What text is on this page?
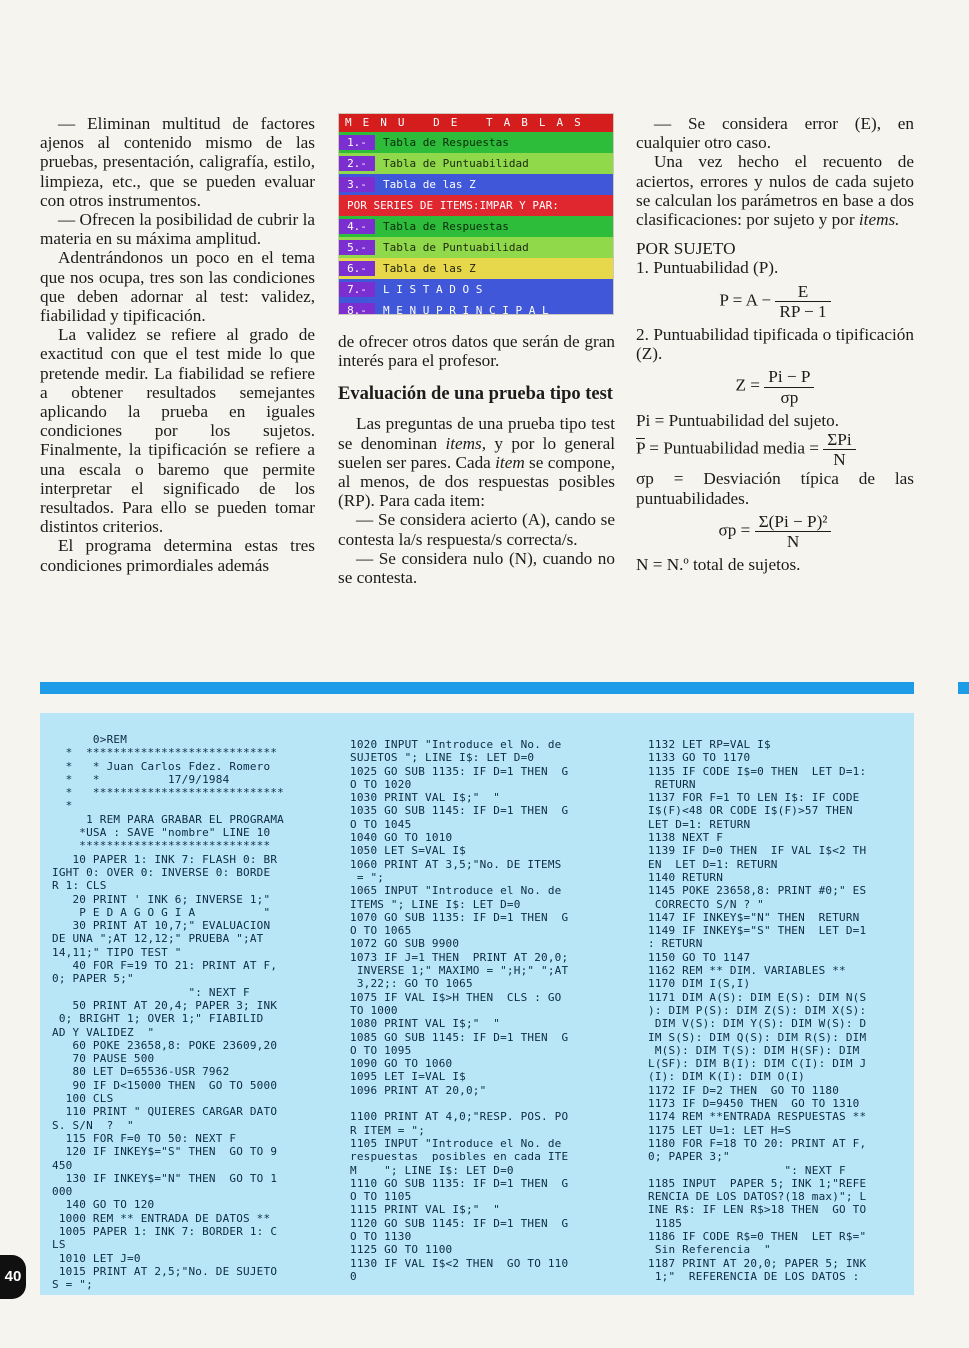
— Eliminan multitud de factores ajenos al contenido mismo de las pruebas, presentación, caligrafía, estilo, limpieza, etc., que se pueden evaluar con otros instrumentos.

— Ofrecen la posibilidad de cubrir la materia en su máxima amplitud.

Adentrándonos un poco en el tema que nos ocupa, tres son las condiciones que deben adornar al test: validez, fiabilidad y tipificación.

La validez se refiere al grado de exactitud con que el test mide lo que pretende medir. La fiabilidad se refiere a obtener resultados semejantes aplicando la prueba en iguales condiciones por los sujetos. Finalmente, la tipificación se refiere a una escala o baremo que permite interpretar el significado de los resultados. Para ello se pueden tomar distintos criterios.

El programa determina estas tres condiciones primordiales además

MENU DE TABLAS
1.-	Tabla de Respuestas
2.-	Tabla de Puntuabilidad
3.-	Tabla de las Z
POR SERIES DE ITEMS:IMPAR Y PAR:
4.-	Tabla de Respuestas
5.-	Tabla de Puntuabilidad
6.-	Tabla de las Z
7.-	L I S T A D O S
8.-	M E N U P R I N C I P A L

de ofrecer otros datos que serán de gran interés para el profesor.

Evaluación de una prueba tipo test

Las preguntas de una prueba tipo test se denominan items, y por lo general suelen ser pares. Cada item se compone, al menos, de dos respuestas posibles (RP). Para cada item:

— Se considera acierto (A), cando se contesta la/s respuesta/s correcta/s.

— Se considera nulo (N), cuando no se contesta.

— Se considera error (E), en cualquier otro caso.

Una vez hecho el recuento de aciertos, errores y nulos de cada sujeto se calculan los parámetros en base a dos clasificaciones: por sujeto y por items.

POR SUJETO

1. Puntuabilidad (P).

$P = A - \frac{E}{RP - 1}$

2. Puntuabilidad tipificada o tipificación (Z).

$Z = \frac{Pi - P}{\sigma p}$

Pi = Puntuabilidad del sujeto.

$\overline{P}$ = Puntuabilidad media = $\frac{\text{ΣPi}}{N}$

σp = Desviación típica de las puntuabilidades.

$\sigma p = \frac{\text{Σ(Pi − P)²}}{N}$

N = N.º total de sujetos.

0>REM
*  ****************************
*   * Juan Carlos Fdez. Romero
*   *          17/9/1984
*   ****************************
*
1 REM PARA GRABAR EL PROGRAMA
*USA : SAVE "nombre" LINE 10
****************************
10 PAPER 1: INK 7: FLASH 0: BR
IGHT 0: OVER 0: INVERSE 0: BORDE
R 1: CLS
20 PRINT ' INK 6; INVERSE 1;"
P E D A G O G I A          "
30 PRINT AT 10,7;" EVALUACION
DE UNA ";AT 12,12;" PRUEBA ";AT
14,11;" TIPO TEST "
40 FOR F=19 TO 21: PRINT AT F,
0; PAPER 5;"
": NEXT F
50 PRINT AT 20,4; PAPER 3; INK
0; BRIGHT 1; OVER 1;" FIABILID
AD Y VALIDEZ  "
60 POKE 23658,8: POKE 23609,20
70 PAUSE 500
80 LET D=65536-USR 7962
90 IF D<15000 THEN  GO TO 5000
100 CLS
110 PRINT " QUIERES CARGAR DATO
S. S/N  ?  "
115 FOR F=0 TO 50: NEXT F
120 IF INKEY$="S" THEN  GO TO 9
450
130 IF INKEY$="N" THEN  GO TO 1
000
140 GO TO 120
1000 REM ** ENTRADA DE DATOS **
1005 PAPER 1: INK 7: BORDER 1: C
LS
1010 LET J=0
1015 PRINT AT 2,5;"No. DE SUJETO
S = ";
1020 INPUT "Introduce el No. de
SUJETOS "; LINE I$: LET D=0
1025 GO SUB 1135: IF D=1 THEN  G
O TO 1020
1030 PRINT VAL I$;"  "
1035 GO SUB 1145: IF D=1 THEN  G
O TO 1045
1040 GO TO 1010
1050 LET S=VAL I$
1060 PRINT AT 3,5;"No. DE ITEMS
= ";
1065 INPUT "Introduce el No. de
ITEMS "; LINE I$: LET D=0
1070 GO SUB 1135: IF D=1 THEN  G
O TO 1065
1072 GO SUB 9900
1073 IF J=1 THEN  PRINT AT 20,0;
INVERSE 1;" MAXIMO = ";H;" ";AT
3,22;: GO TO 1065
1075 IF VAL I$>H THEN  CLS : GO
TO 1000
1080 PRINT VAL I$;"  "
1085 GO SUB 1145: IF D=1 THEN  G
O TO 1095
1090 GO TO 1060
1095 LET I=VAL I$
1096 PRINT AT 20,0;"

1100 PRINT AT 4,0;"RESP. POS. PO
R ITEM = ";
1105 INPUT "Introduce el No. de
respuestas  posibles en cada ITE
M    "; LINE I$: LET D=0
1110 GO SUB 1135: IF D=1 THEN  G
O TO 1105
1115 PRINT VAL I$;"  "
1120 GO SUB 1145: IF D=1 THEN  G
O TO 1130
1125 GO TO 1100
1130 IF VAL I$<2 THEN  GO TO 110
0
1132 LET RP=VAL I$
1133 GO TO 1170
1135 IF CODE I$=0 THEN  LET D=1:
RETURN
1137 FOR F=1 TO LEN I$: IF CODE
I$(F)<48 OR CODE I$(F)>57 THEN
LET D=1: RETURN
1138 NEXT F
1139 IF D=0 THEN  IF VAL I$<2 TH
EN  LET D=1: RETURN
1140 RETURN
1145 POKE 23658,8: PRINT #0;" ES
CORRECTO S/N ? "
1147 IF INKEY$="N" THEN  RETURN
1149 IF INKEY$="S" THEN  LET D=1
: RETURN
1150 GO TO 1147
1162 REM ** DIM. VARIABLES **
1170 DIM I(S,I)
1171 DIM A(S): DIM E(S): DIM N(S
): DIM P(S): DIM Z(S): DIM X(S):
DIM V(S): DIM Y(S): DIM W(S): D
IM S(S): DIM Q(S): DIM R(S): DIM
M(S): DIM T(S): DIM H(SF): DIM
L(SF): DIM B(I): DIM C(I): DIM J
(I): DIM K(I): DIM O(I)
1172 IF D=2 THEN  GO TO 1180
1173 IF D=9450 THEN  GO TO 1310
1174 REM **ENTRADA RESPUESTAS **
1175 LET U=1: LET H=S
1180 FOR F=18 TO 20: PRINT AT F,
0; PAPER 3;"
": NEXT F
1185 INPUT  PAPER 5; INK 1;"REFE
RENCIA DE LOS DATOS?(18 max)"; L
INE R$: IF LEN R$>18 THEN  GO TO
1185
1186 IF CODE R$=0 THEN  LET R$="
Sin Referencia  "
1187 PRINT AT 20,0; PAPER 5; INK
1;"  REFERENCIA DE LOS DATOS :
40
